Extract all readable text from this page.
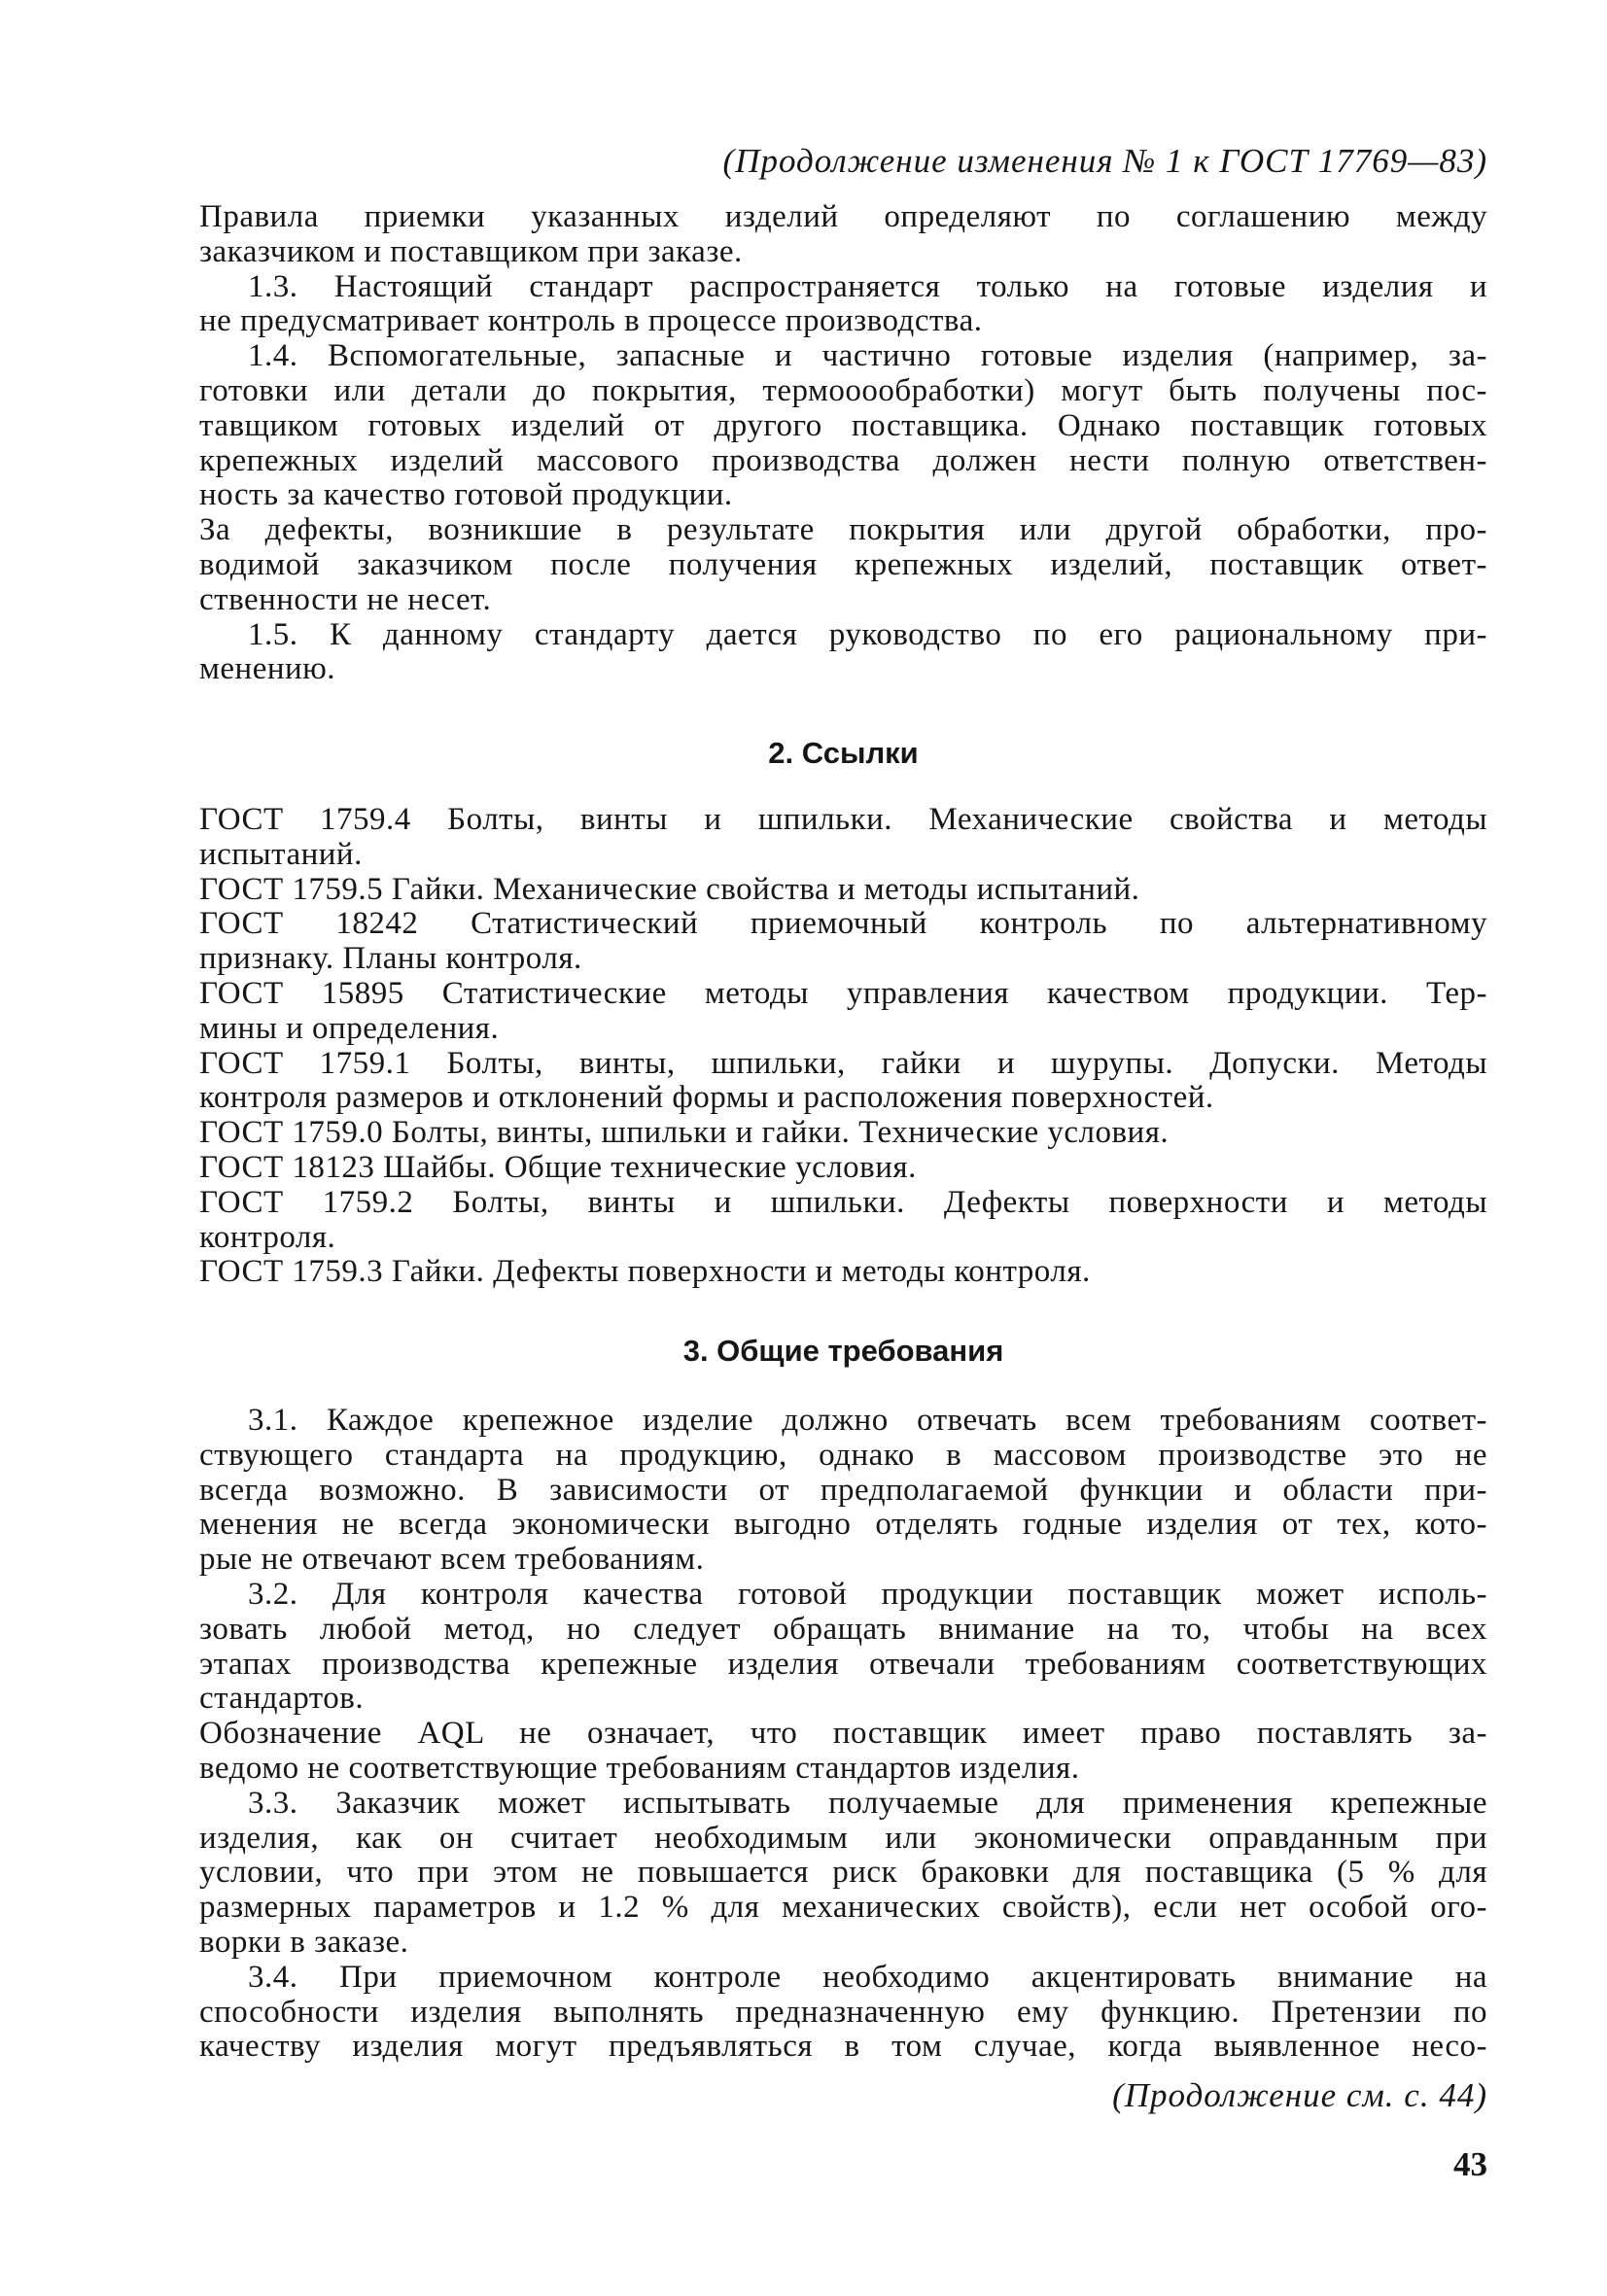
(Продолжение изменения № 1 к ГОСТ 17769—83)
Правила приемки указанных изделий определяют по соглашению между
заказчиком и поставщиком при заказе.
1.3. Настоящий стандарт распространяется только на готовые изделия и
не предусматривает контроль в процессе производства.
1.4. Вспомогательные, запасные и частично готовые изделия (например, за-
готовки или детали до покрытия, термооообработки) могут быть получены пос-
тавщиком готовых изделий от другого поставщика. Однако поставщик готовых
крепежных изделий массового производства должен нести полную ответствен-
ность за качество готовой продукции.
За дефекты, возникшие в результате покрытия или другой обработки, про-
водимой заказчиком после получения крепежных изделий, поставщик ответ-
ственности не несет.
1.5. К данному стандарту дается руководство по его рациональному при-
менению.
2. Ссылки
ГОСТ 1759.4 Болты, винты и шпильки. Механические свойства и методы
испытаний.
ГОСТ 1759.5 Гайки. Механические свойства и методы испытаний.
ГОСТ 18242 Статистический приемочный контроль по альтернативному
признаку. Планы контроля.
ГОСТ 15895 Статистические методы управления качеством продукции. Тер-
мины и определения.
ГОСТ 1759.1 Болты, винты, шпильки, гайки и шурупы. Допуски. Методы
контроля размеров и отклонений формы и расположения поверхностей.
ГОСТ 1759.0 Болты, винты, шпильки и гайки. Технические условия.
ГОСТ 18123 Шайбы. Общие технические условия.
ГОСТ 1759.2 Болты, винты и шпильки. Дефекты поверхности и методы
контроля.
ГОСТ 1759.3 Гайки. Дефекты поверхности и методы контроля.
3. Общие требования
3.1. Каждое крепежное изделие должно отвечать всем требованиям соответ-
ствующего стандарта на продукцию, однако в массовом производстве это не
всегда возможно. В зависимости от предполагаемой функции и области при-
менения не всегда экономически выгодно отделять годные изделия от тех, кото-
рые не отвечают всем требованиям.
3.2. Для контроля качества готовой продукции поставщик может исполь-
зовать любой метод, но следует обращать внимание на то, чтобы на всех
этапах производства крепежные изделия отвечали требованиям соответствующих
стандартов.
Обозначение AQL не означает, что поставщик имеет право поставлять за-
ведомо не соответствующие требованиям стандартов изделия.
3.3. Заказчик может испытывать получаемые для применения крепежные
изделия, как он считает необходимым или экономически оправданным при
условии, что при этом не повышается риск браковки для поставщика (5 % для
размерных параметров и 1.2 % для механических свойств), если нет особой ого-
ворки в заказе.
3.4. При приемочном контроле необходимо акцентировать внимание на
способности изделия выполнять предназначенную ему функцию. Претензии по
качеству изделия могут предъявляться в том случае, когда выявленное несо-
(Продолжение см. с. 44)
43
